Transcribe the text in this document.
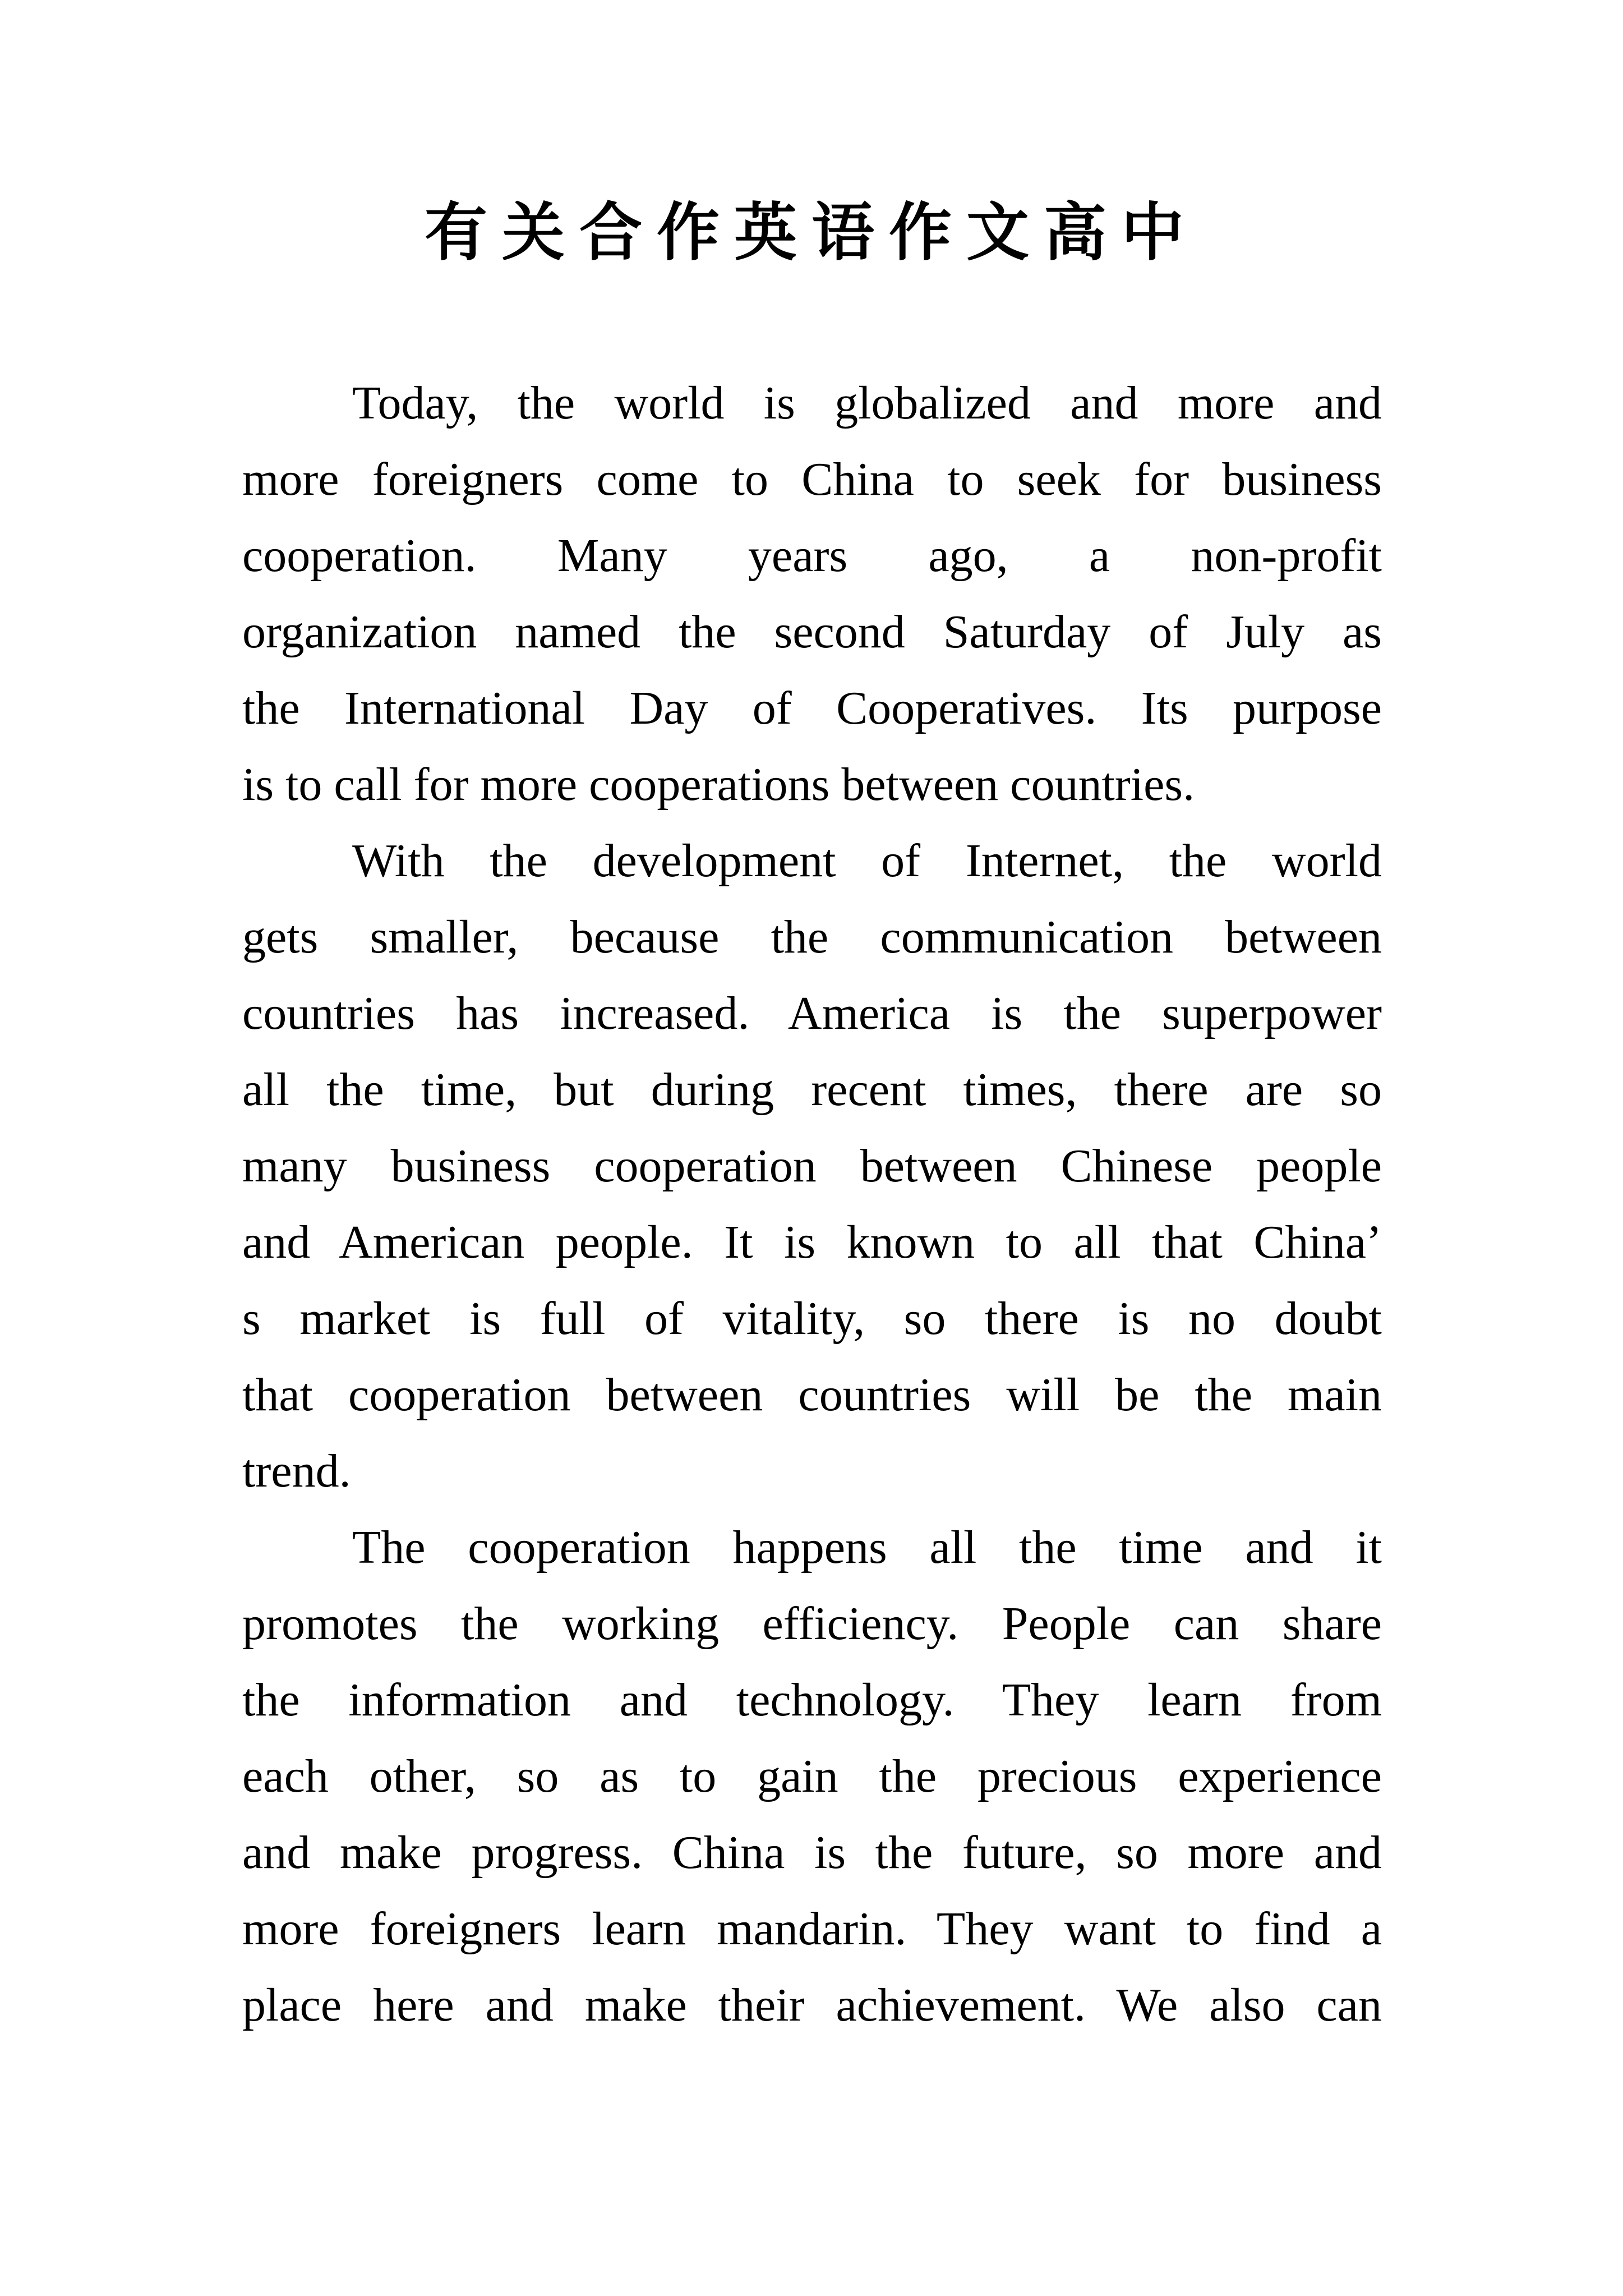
有关合作英语作文高中
Today, the world is globalized and more and
more foreigners come to China to seek for business
cooperation. Many years ago, a non-profit
organization named the second Saturday of July as
the International Day of Cooperatives. Its purpose
is to call for more cooperations between countries.
With the development of Internet, the world
gets smaller, because the communication between
countries has increased. America is the superpower
all the time, but during recent times, there are so
many business cooperation between Chinese people
and American people. It is known to all that China’
s market is full of vitality, so there is no doubt
that cooperation between countries will be the main
trend.
The cooperation happens all the time and it
promotes the working efficiency. People can share
the information and technology. They learn from
each other, so as to gain the precious experience
and make progress. China is the future, so more and
more foreigners learn mandarin. They want to find a
place here and make their achievement. We also can
